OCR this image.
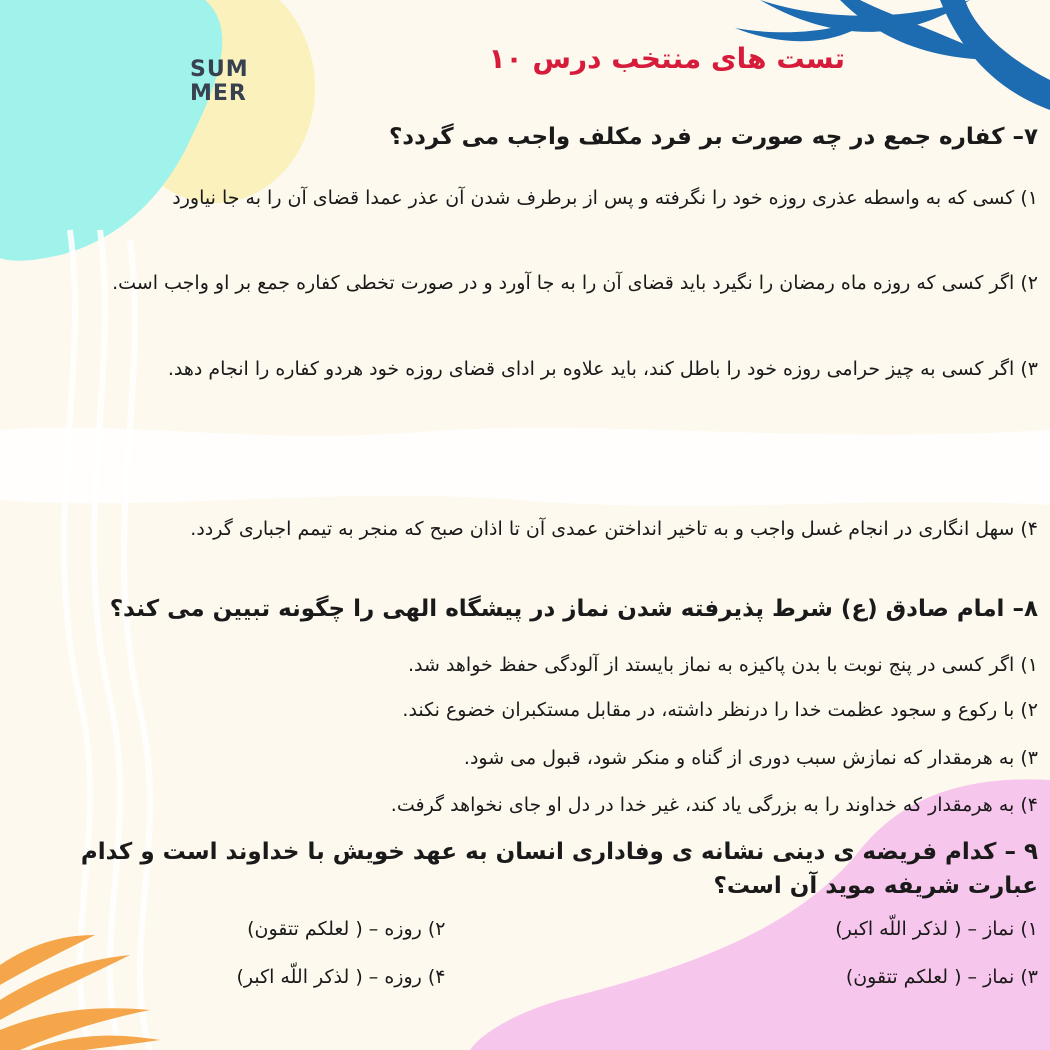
SUM
MER
تست های منتخب درس ۱۰

۷– کفاره جمع در چه صورت بر فرد مکلف واجب می گردد؟

۱) کسی که به واسطه عذری روزه خود را نگرفته و پس از برطرف شدن آن عذر عمدا قضای آن را به جا نیاورد

۲) اگر کسی که روزه ماه رمضان را نگیرد باید قضای آن را به جا آورد و در صورت تخطی کفاره جمع بر او واجب است.

۳) اگر کسی به چیز حرامی روزه خود را باطل کند، باید علاوه بر ادای قضای روزه خود هردو کفاره را انجام دهد.

۴) سهل انگاری در انجام غسل واجب و به تاخیر انداختن عمدی آن تا اذان صبح که منجر به تیمم اجباری گردد.

۸– امام صادق (ع) شرط پذیرفته شدن نماز در پیشگاه الهی را چگونه تبیین می کند؟

۱) اگر کسی در پنج نوبت با بدن پاکیزه به نماز بایستد از آلودگی حفظ خواهد شد.

۲) با رکوع و سجود عظمت خدا را درنظر داشته، در مقابل مستکبران خضوع نکند.

۳) به هرمقدار که نمازش سبب دوری از گناه و منکر شود، قبول می شود.

۴) به هرمقدار که خداوند را به بزرگی یاد کند، غیر خدا در دل او جای نخواهد گرفت.

۹ – کدام فریضه ی دینی نشانه ی وفاداری انسان به عهد خویش با خداوند است و کدام عبارت شریفه موید آن است؟

۱) نماز – ( لذکر اللّه اکبر)
۲) روزه – ( لعلکم تتقون)
۳) نماز – ( لعلکم تتقون)
۴) روزه – ( لذکر اللّه اکبر)
